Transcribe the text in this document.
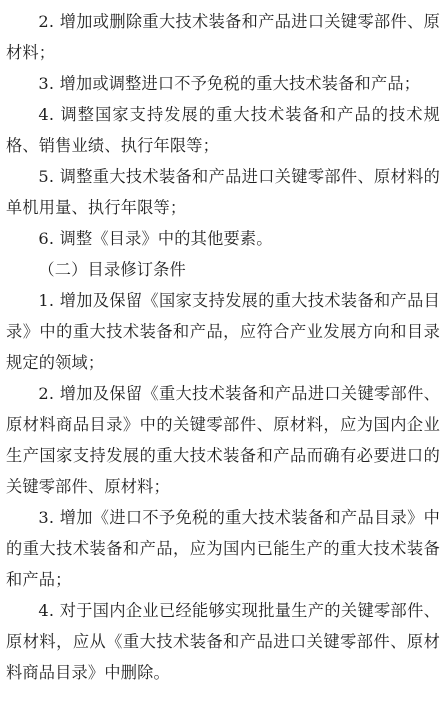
2. 增加或删除重大技术装备和产品进口关键零部件、原材料；

3. 增加或调整进口不予免税的重大技术装备和产品；

4. 调整国家支持发展的重大技术装备和产品的技术规格、销售业绩、执行年限等；

5. 调整重大技术装备和产品进口关键零部件、原材料的单机用量、执行年限等；

6. 调整《目录》中的其他要素。

（二）目录修订条件

1. 增加及保留《国家支持发展的重大技术装备和产品目录》中的重大技术装备和产品，应符合产业发展方向和目录规定的领域；

2. 增加及保留《重大技术装备和产品进口关键零部件、原材料商品目录》中的关键零部件、原材料，应为国内企业生产国家支持发展的重大技术装备和产品而确有必要进口的关键零部件、原材料；

3. 增加《进口不予免税的重大技术装备和产品目录》中的重大技术装备和产品，应为国内已能生产的重大技术装备和产品；

4. 对于国内企业已经能够实现批量生产的关键零部件、原材料，应从《重大技术装备和产品进口关键零部件、原材料商品目录》中删除。
